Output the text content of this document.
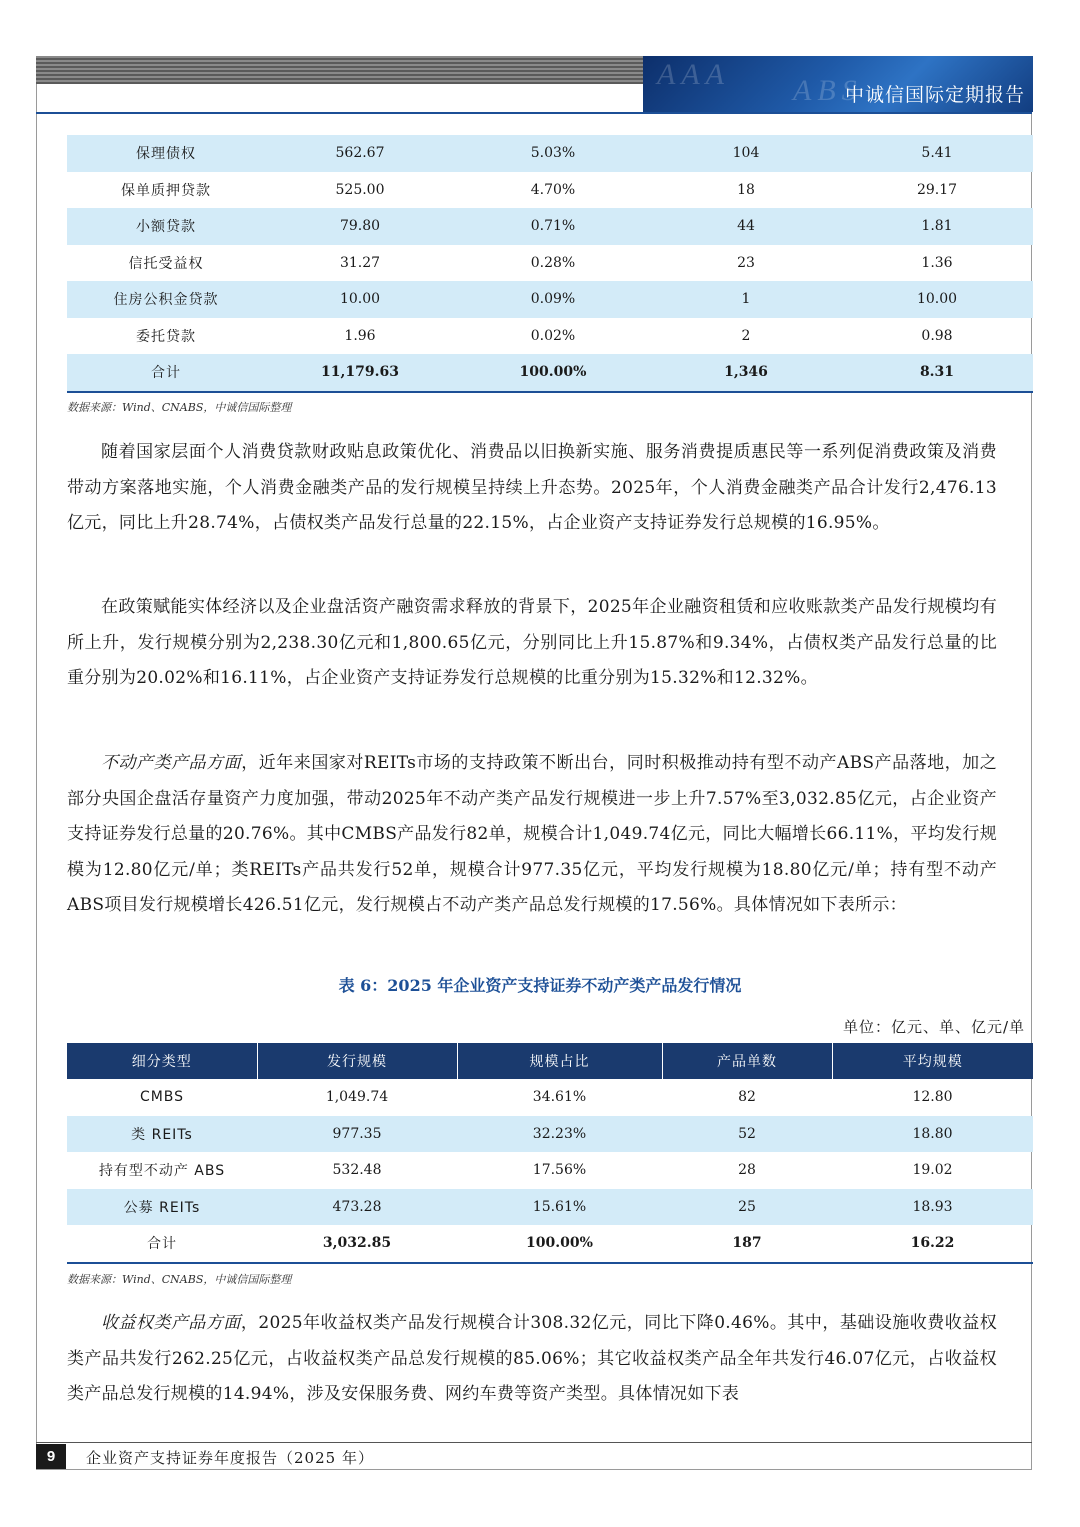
AAA ABS
中诚信国际定期报告
保理债权	562.67	5.03%	104	5.41
保单质押贷款	525.00	4.70%	18	29.17
小额贷款	79.80	0.71%	44	1.81
信托受益权	31.27	0.28%	23	1.36
住房公积金贷款	10.00	0.09%	1	10.00
委托贷款	1.96	0.02%	2	0.98
合计	11,179.63	100.00%	1,346	8.31
数据来源：Wind、CNABS，中诚信国际整理

随着国家层面个人消费贷款财政贴息政策优化、消费品以旧换新实施、服务消费提质惠民等一系列促消费政策及消费带动方案落地实施，个人消费金融类产品的发行规模呈持续上升态势。2025年，个人消费金融类产品合计发行2,476.13亿元，同比上升28.74%，占债权类产品发行总量的22.15%，占企业资产支持证券发行总规模的16.95%。

在政策赋能实体经济以及企业盘活资产融资需求释放的背景下，2025年企业融资租赁和应收账款类产品发行规模均有所上升，发行规模分别为2,238.30亿元和1,800.65亿元，分别同比上升15.87%和9.34%，占债权类产品发行总量的比重分别为20.02%和16.11%，占企业资产支持证券发行总规模的比重分别为15.32%和12.32%。

不动产类产品方面，近年来国家对REITs市场的支持政策不断出台，同时积极推动持有型不动产ABS产品落地，加之部分央国企盘活存量资产力度加强，带动2025年不动产类产品发行规模进一步上升7.57%至3,032.85亿元，占企业资产支持证券发行总量的20.76%。其中CMBS产品发行82单，规模合计1,049.74亿元，同比大幅增长66.11%，平均发行规模为12.80亿元/单；类REITs产品共发行52单，规模合计977.35亿元，平均发行规模为18.80亿元/单；持有型不动产ABS项目发行规模增长426.51亿元，发行规模占不动产类产品总发行规模的17.56%。具体情况如下表所示：

表 6：2025 年企业资产支持证券不动产类产品发行情况
单位：亿元、单、亿元/单
细分类型	发行规模	规模占比	产品单数	平均规模
CMBS	1,049.74	34.61%	82	12.80
类 REITs	977.35	32.23%	52	18.80
持有型不动产 ABS	532.48	17.56%	28	19.02
公募 REITs	473.28	15.61%	25	18.93
合计	3,032.85	100.00%	187	16.22
数据来源：Wind、CNABS，中诚信国际整理

收益权类产品方面，2025年收益权类产品发行规模合计308.32亿元，同比下降0.46%。其中，基础设施收费收益权类产品共发行262.25亿元，占收益权类产品总发行规模的85.06%；其它收益权类产品全年共发行46.07亿元，占收益权类产品总发行规模的14.94%，涉及安保服务费、网约车费等资产类型。具体情况如下表

9	企业资产支持证券年度报告（2025 年）
